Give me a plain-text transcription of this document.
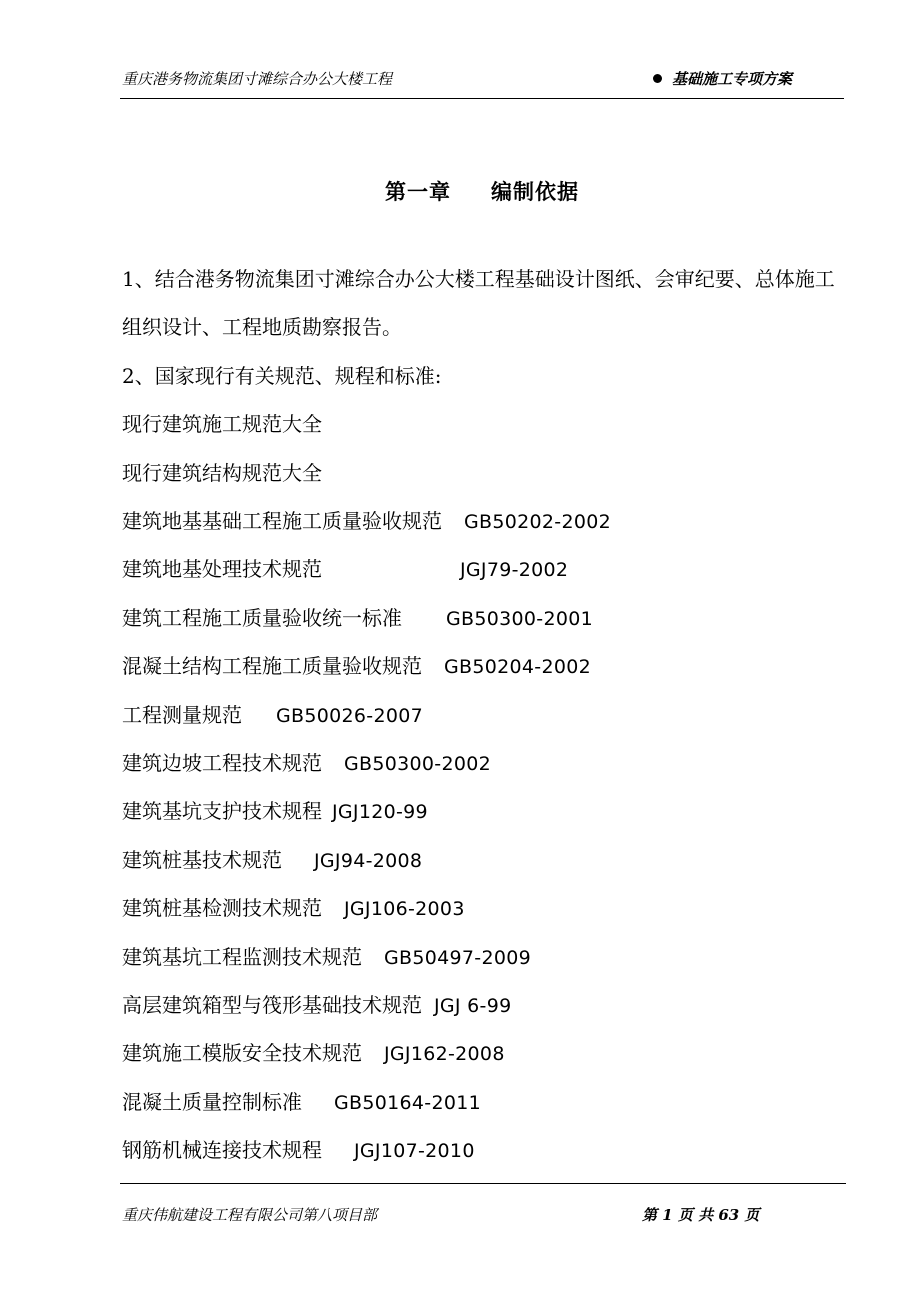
重庆港务物流集团寸滩综合办公大楼工程	基础施工专项方案
第一章 编制依据
1、结合港务物流集团寸滩综合办公大楼工程基础设计图纸、会审纪要、总体施工组织设计、工程地质勘察报告。
2、国家现行有关规范、规程和标准:
现行建筑施工规范大全
现行建筑结构规范大全
建筑地基基础工程施工质量验收规范 GB50202-2002
建筑地基处理技术规范	JGJ79-2002
建筑工程施工质量验收统一标准 GB50300-2001
混凝土结构工程施工质量验收规范 GB50204-2002
工程测量规范 GB50026-2007
建筑边坡工程技术规范 GB50300-2002
建筑基坑支护技术规程 JGJ120-99
建筑桩基技术规范 JGJ94-2008
建筑桩基检测技术规范 JGJ106-2003
建筑基坑工程监测技术规范 GB50497-2009
高层建筑箱型与筏形基础技术规范 JGJ 6-99
建筑施工模版安全技术规范 JGJ162-2008
混凝土质量控制标准 GB50164-2011
钢筋机械连接技术规程 JGJ107-2010
重庆伟航建设工程有限公司第八项目部	第 1 页 共 63 页
